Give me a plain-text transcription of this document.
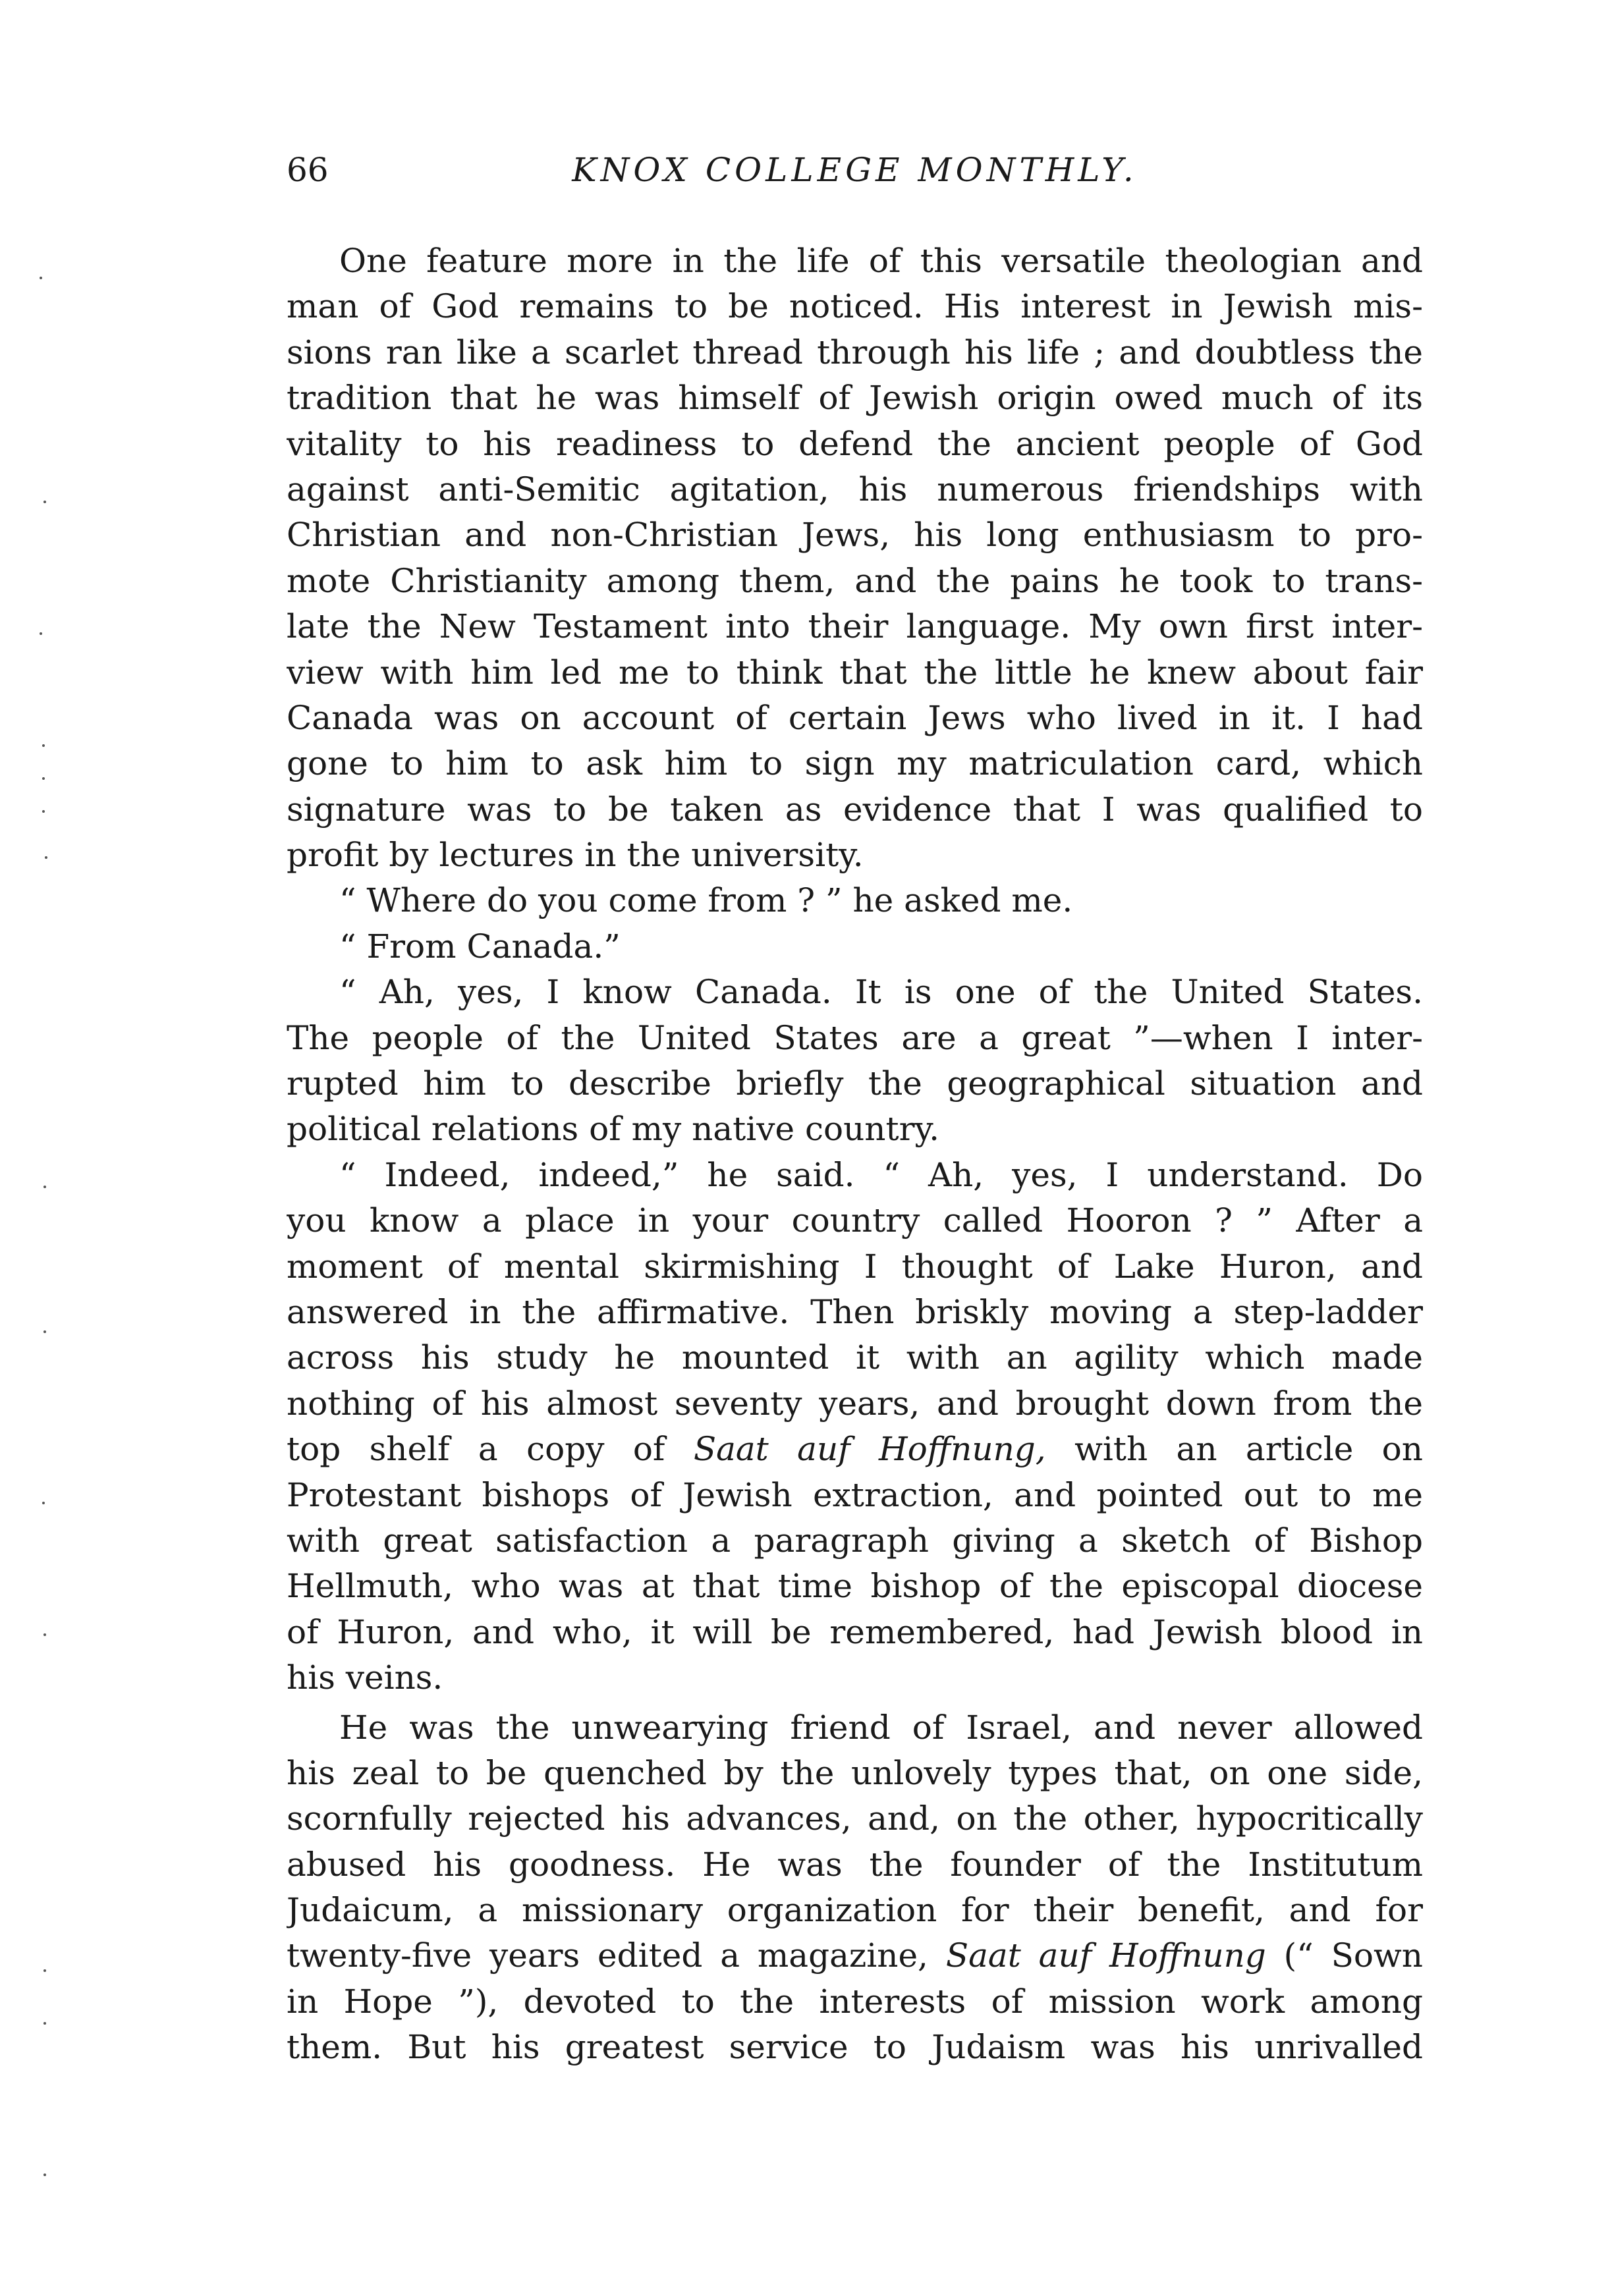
66	KNOX COLLEGE MONTHLY.
One feature more in the life of this versatile theologian and
man of God remains to be noticed. His interest in Jewish mis-
sions ran like a scarlet thread through his life ; and doubtless the
tradition that he was himself of Jewish origin owed much of its
vitality to his readiness to defend the ancient people of God
against anti-Semitic agitation, his numerous friendships with
Christian and non-Christian Jews, his long enthusiasm to pro-
mote Christianity among them, and the pains he took to trans-
late the New Testament into their language. My own first inter-
view with him led me to think that the little he knew about fair
Canada was on account of certain Jews who lived in it. I had
gone to him to ask him to sign my matriculation card, which
signature was to be taken as evidence that I was qualified to
profit by lectures in the university.
“ Where do you come from ? ” he asked me.
“ From Canada.”
“ Ah, yes, I know Canada. It is one of the United States.
The people of the United States are a great ”—when I inter-
rupted him to describe briefly the geographical situation and
political relations of my native country.
“ Indeed, indeed,” he said. “ Ah, yes, I understand. Do
you know a place in your country called Hooron ? ” After a
moment of mental skirmishing I thought of Lake Huron, and
answered in the affirmative. Then briskly moving a step-ladder
across his study he mounted it with an agility which made
nothing of his almost seventy years, and brought down from the
top shelf a copy of Saat auf Hoffnung, with an article on
Protestant bishops of Jewish extraction, and pointed out to me
with great satisfaction a paragraph giving a sketch of Bishop
Hellmuth, who was at that time bishop of the episcopal diocese
of Huron, and who, it will be remembered, had Jewish blood in
his veins.
He was the unwearying friend of Israel, and never allowed
his zeal to be quenched by the unlovely types that, on one side,
scornfully rejected his advances, and, on the other, hypocritically
abused his goodness. He was the founder of the Institutum
Judaicum, a missionary organization for their benefit, and for
twenty-five years edited a magazine, Saat auf Hoffnung (“ Sown
in Hope ”), devoted to the interests of mission work among
them. But his greatest service to Judaism was his unrivalled
